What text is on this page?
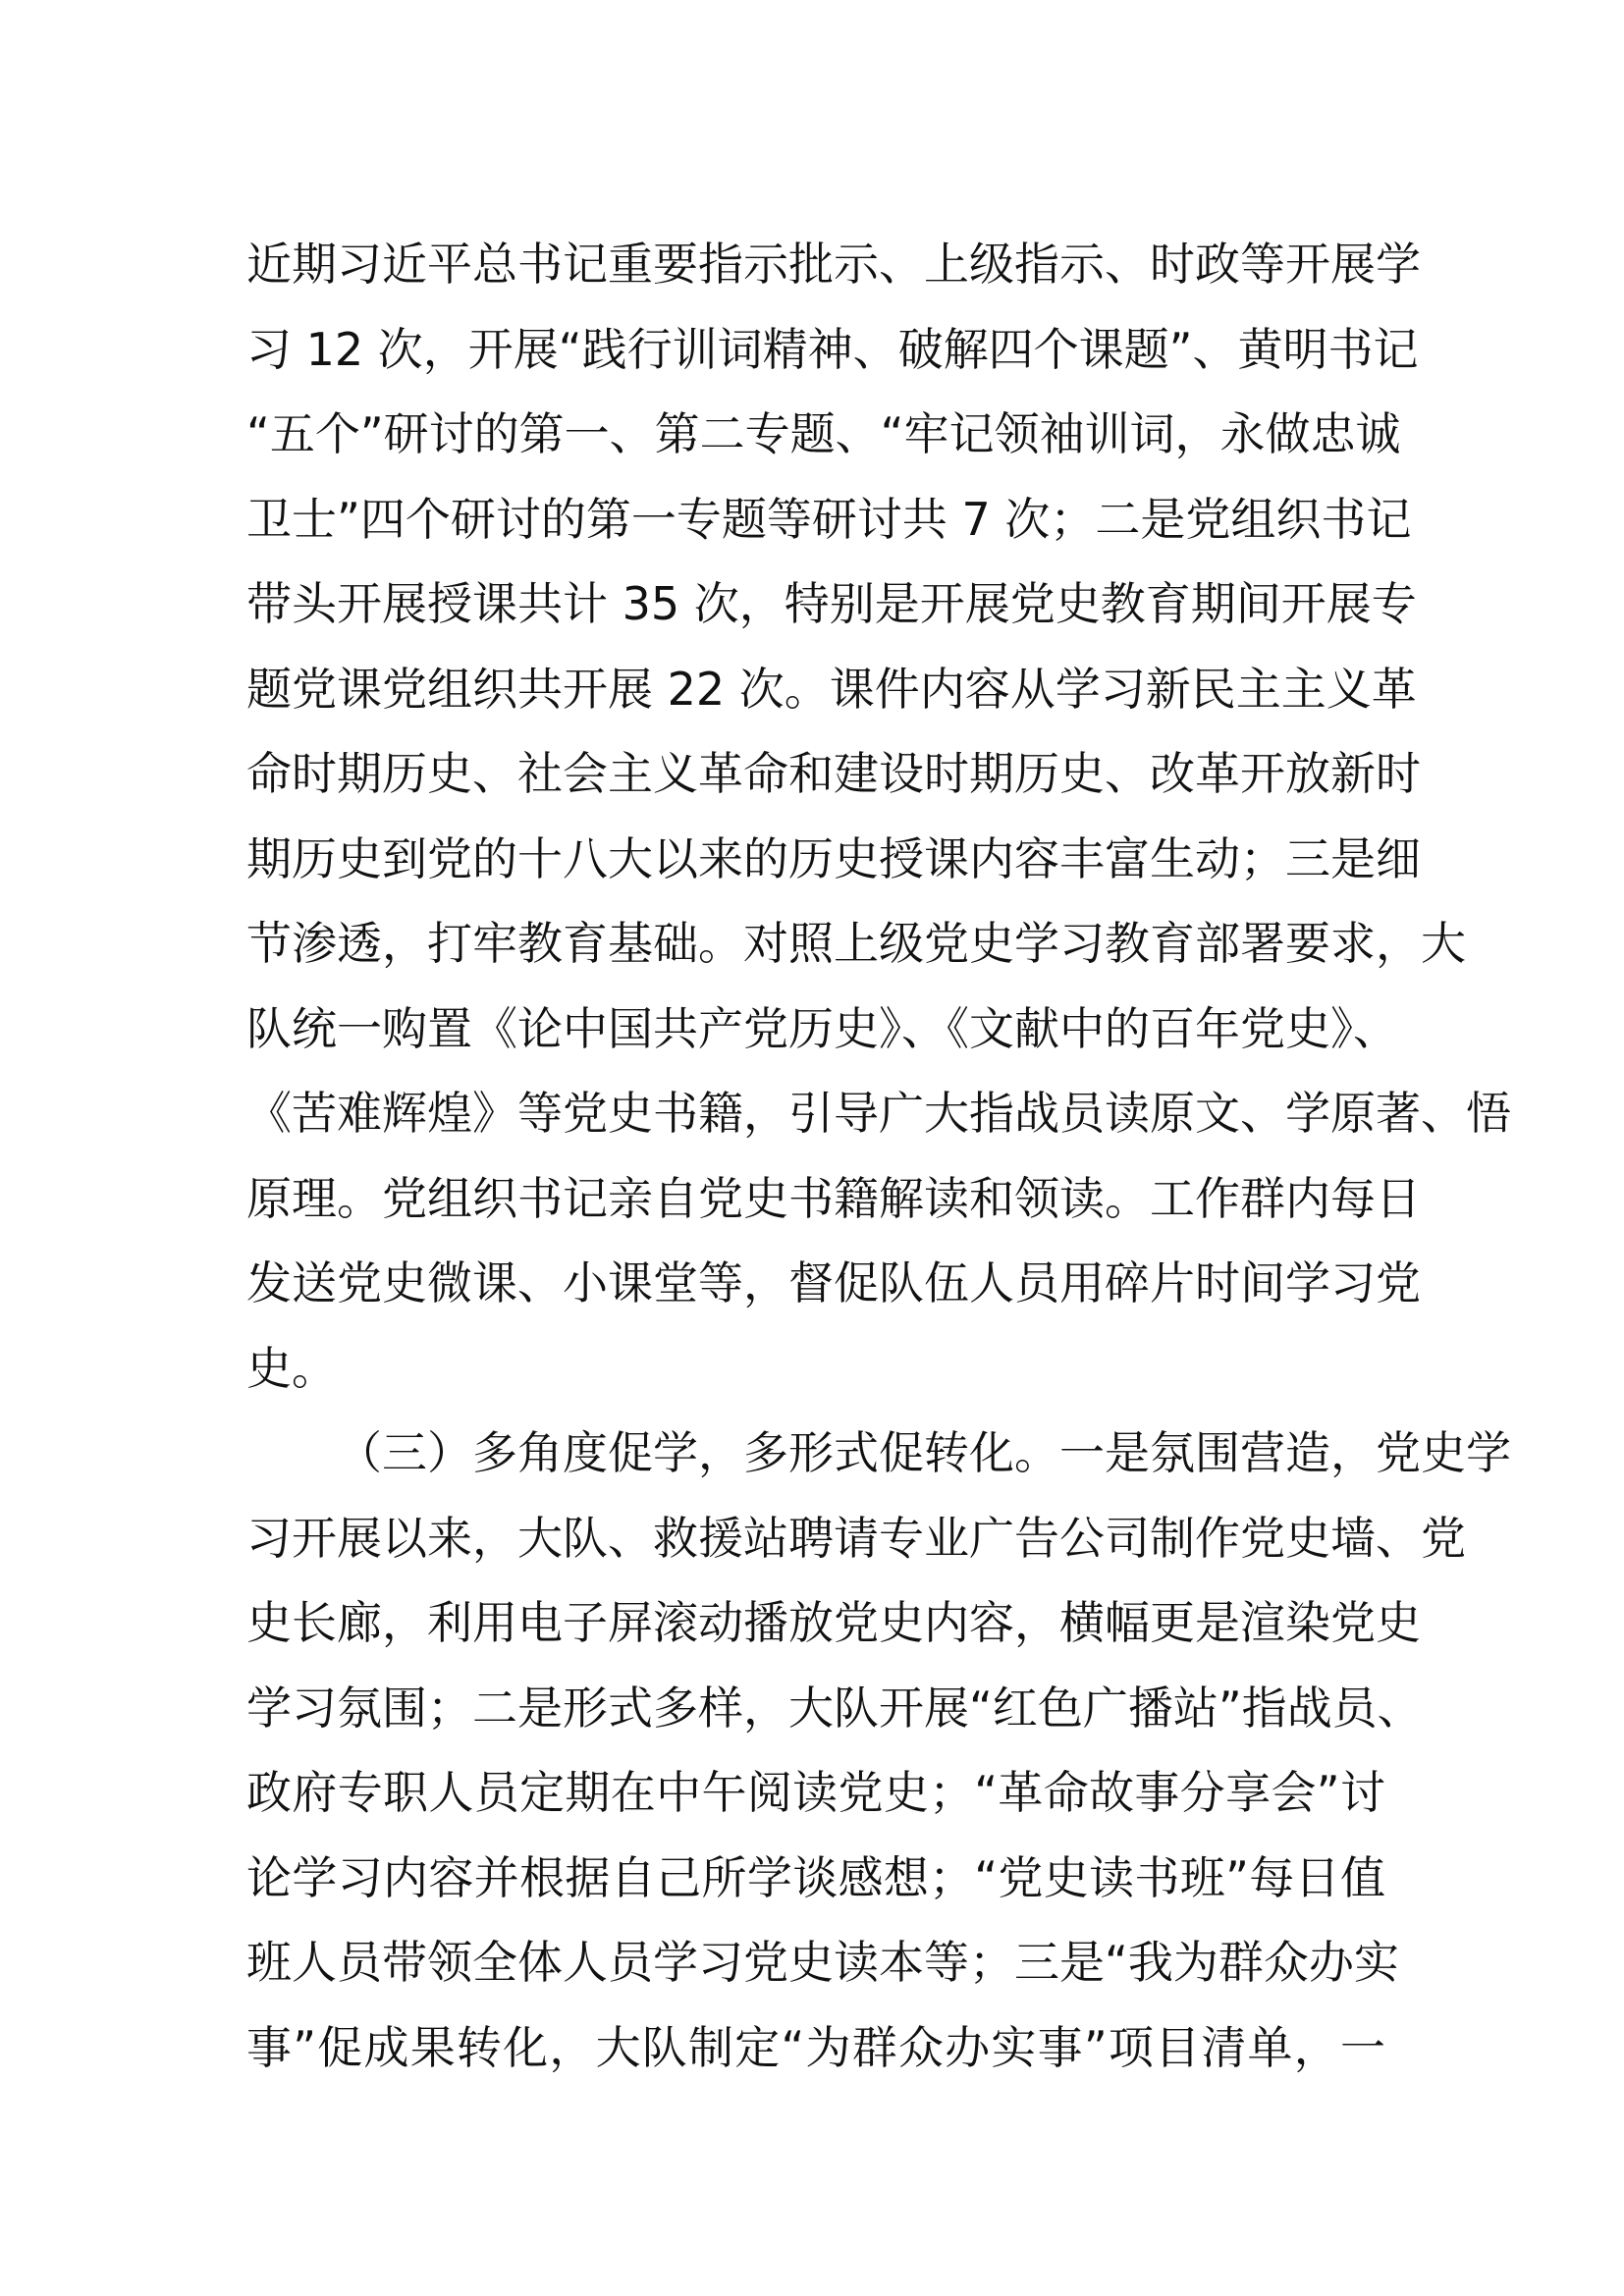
近期习近平总书记重要指示批示、上级指示、时政等开展学
习 12 次，开展“践行训词精神、破解四个课题”、黄明书记
“五个”研讨的第一、第二专题、“牢记领袖训词，永做忠诚
卫士”四个研讨的第一专题等研讨共 7 次；二是党组织书记
带头开展授课共计 35 次，特别是开展党史教育期间开展专
题党课党组织共开展 22 次。课件内容从学习新民主主义革
命时期历史、社会主义革命和建设时期历史、改革开放新时
期历史到党的十八大以来的历史授课内容丰富生动；三是细
节渗透，打牢教育基础。对照上级党史学习教育部署要求，大
队统一购置《论中国共产党历史》、《文献中的百年党史》、
《苦难辉煌》等党史书籍，引导广大指战员读原文、学原著、悟
原理。党组织书记亲自党史书籍解读和领读。工作群内每日
发送党史微课、小课堂等，督促队伍人员用碎片时间学习党
史。
（三）多角度促学，多形式促转化。一是氛围营造，党史学
习开展以来，大队、救援站聘请专业广告公司制作党史墙、党
史长廊，利用电子屏滚动播放党史内容，横幅更是渲染党史
学习氛围；二是形式多样，大队开展“红色广播站”指战员、
政府专职人员定期在中午阅读党史；“革命故事分享会”讨
论学习内容并根据自己所学谈感想；“党史读书班”每日值
班人员带领全体人员学习党史读本等；三是“我为群众办实
事”促成果转化，大队制定“为群众办实事”项目清单，一
